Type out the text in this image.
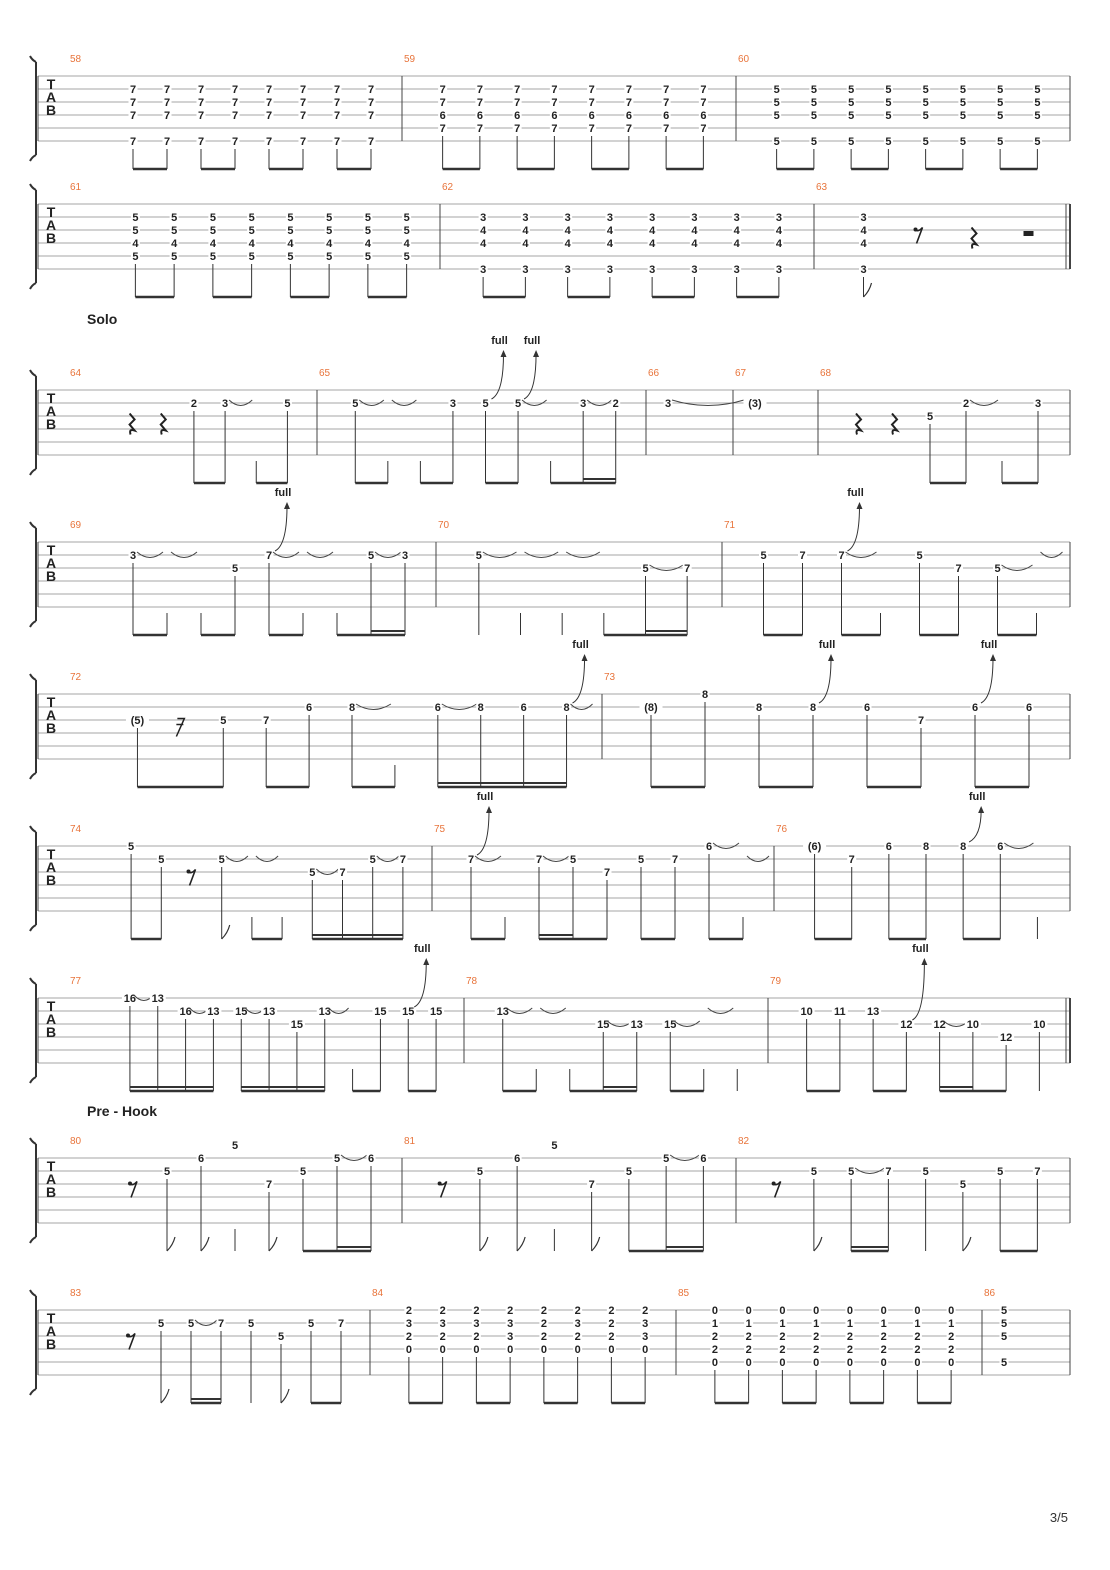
Solo
Pre - Hook
T
A
B
58
7
7
7
7
7
7
7
7
7
7
7
7
7
7
7
7
7
7
7
7
7
7
7
7
7
7
7
7
7
7
7
7
59
7
7
6
7
7
7
6
7
7
7
6
7
7
7
6
7
7
7
6
7
7
7
6
7
7
7
6
7
7
7
6
7
60
5
5
5
5
5
5
5
5
5
5
5
5
5
5
5
5
5
5
5
5
5
5
5
5
5
5
5
5
5
5
5
5
T
A
B
61
5
5
4
5
5
5
4
5
5
5
4
5
5
5
4
5
5
5
4
5
5
5
4
5
5
5
4
5
5
5
4
5
62
3
4
4
3
3
4
4
3
3
4
4
3
3
4
4
3
3
4
4
3
3
4
4
3
3
4
4
3
3
4
4
3
63
3
4
4
3
T
A
B
64
2 3	5
65
5	3 5
full
5
full
3 2
66
3
67
(3)
68
5
2	3
T
A
B
69
3
5
7
full
5	3
70
5
5	7
71
5	7	7
full
5
7	5
T
A
B
72
(5)	5	7
6	8	6	8	6	8
full
73
(8)
8
8	8
full
6
7
6
full
6
T
A
B
74
5
5	5
5 7
5 7
75
7
full
7	5
7
5	7
6
76
(6)
7
6	8	8
full
6
T
A
B
77
16 13
16 13 15 13
15
13	15 15
full
15
78
13
15 13 15
79
10 11 13
12
full
12 10
12
10
T
A
B
80
5
6
5
7
5
5	6
81
5
6
5
7
5
5	6
82
5	5	7	5
5
5	7
T
A
B
83
5 5 7 5
5
5 7
84
2
3
2
0
2
3
2
0
2
3
2
0
2
3
3
0
2
2
2
0
2
3
2
0
2
2
2
0
2
3
3
0
85
0
1
2
2
0
0
1
2
2
0
0
1
2
2
0
0
1
2
2
0
0
1
2
2
0
0
1
2
2
0
0
1
2
2
0
0
1
2
2
0
86
5
5
5
5
3/5
